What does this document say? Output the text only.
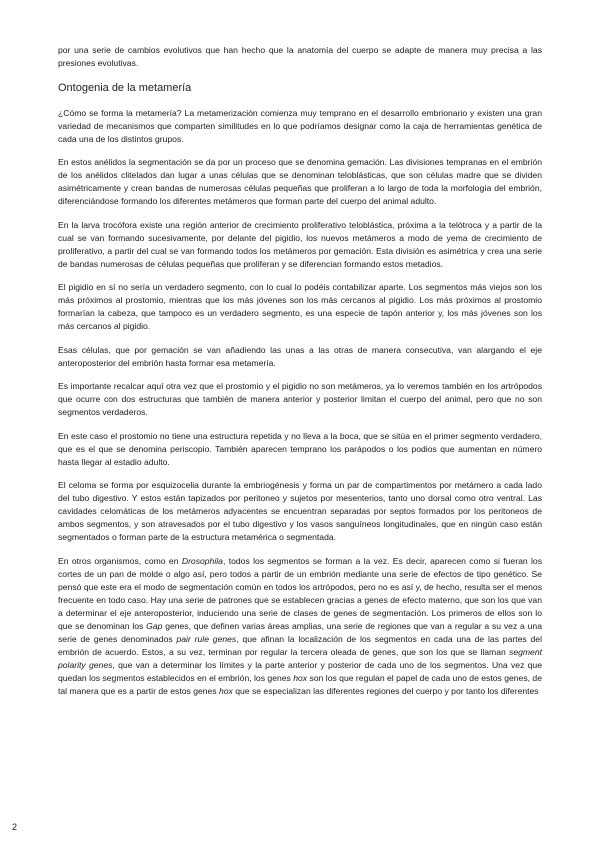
por una serie de cambios evolutivos que han hecho que la anatomía del cuerpo se adapte de manera muy precisa a las presiones evolutivas.

Ontogenia de la metamería

¿Cómo se forma la metamería? La metamerización comienza muy temprano en el desarrollo embrionario y existen una gran variedad de mecanismos que comparten similitudes en lo que podríamos designar como la caja de herramientas genética de cada una de los distintos grupos.

En estos anélidos la segmentación se da por un proceso que se denomina gemación. Las divisiones tempranas en el embrión de los anélidos clitelados dan lugar a unas células que se denominan teloblásticas, que son células madre que se dividen asimétricamente y crean bandas de numerosas células pequeñas que proliferan a lo largo de toda la morfología del embrión, diferenciándose formando los diferentes metámeros que forman parte del cuerpo del animal adulto.

En la larva trocófora existe una región anterior de crecimiento proliferativo teloblástica, próxima a la telótroca y a partir de la cual se van formando sucesivamente, por delante del pigidio, los nuevos metámeros a modo de yema de crecimiento de proliferativo, a partir del cual se van formando todos los metámeros por gemación. Esta división es asimétrica y crea una serie de bandas numerosas de células pequeñas que proliferan y se diferencian formando estos metadios.

El pigidio en sí no sería un verdadero segmento, con lo cual lo podéis contabilizar aparte. Los segmentos más viejos son los más próximos al prostomio, mientras que los más jóvenes son los más cercanos al pigidio. Los más próximos al prostomio formarían la cabeza, que tampoco es un verdadero segmento, es una especie de tapón anterior y, los más jóvenes son los más cercanos al pigidio.

Esas células, que por gemación se van añadiendo las unas a las otras de manera consecutiva, van alargando el eje anteroposterior del embrión hasta formar esa metamería.

Es importante recalcar aquí otra vez que el prostomio y el pigidio no son metámeros, ya lo veremos también en los artrópodos que ocurre con dos estructuras que también de manera anterior y posterior limitan el cuerpo del animal, pero que no son segmentos verdaderos.

En este caso el prostomio no tiene una estructura repetida y no lleva a la boca, que se sitúa en el primer segmento verdadero, que es el que se denomina periscopio. También aparecen temprano los parápodos o los podios que aumentan en número hasta llegar al estadio adulto.

El celoma se forma por esquizocelia durante la embriogénesis y forma un par de compartimentos por metámero a cada lado del tubo digestivo. Y estos están tapizados por peritoneo y sujetos por mesenterios, tanto uno dorsal como otro ventral. Las cavidades celomáticas de los metámeros adyacentes se encuentran separadas por septos formados por los peritoneos de ambos segmentos, y son atravesados por el tubo digestivo y los vasos sanguíneos longitudinales, que en ningún caso están segmentados o forman parte de la estructura metamérica o segmentada.

En otros organismos, como en Drosophila, todos los segmentos se forman a la vez. Es decir, aparecen como si fueran los cortes de un pan de molde o algo así, pero todos a partir de un embrión mediante una serie de efectos de tipo genético. Se pensó que este era el modo de segmentación común en todos los artrópodos, pero no es así y, de hecho, resulta ser el menos frecuente en todo caso. Hay una serie de patrones que se establecen gracias a genes de efecto materno, que son los que van a determinar el eje anteroposterior, induciendo una serie de clases de genes de segmentación. Los primeros de ellos son lo que se denominan los Gap genes, que definen varias áreas amplias, una serie de regiones que van a regular a su vez a una serie de genes denominados pair rule genes, que afinan la localización de los segmentos en cada una de las partes del embrión de acuerdo. Estos, a su vez, terminan por regular la tercera oleada de genes, que son los que se llaman segment polarity genes, que van a determinar los límites y la parte anterior y posterior de cada uno de los segmentos. Una vez que quedan los segmentos establecidos en el embrión, los genes hox son los que regulan el papel de cada uno de estos genes, de tal manera que es a partir de estos genes hox que se especializan las diferentes regiones del cuerpo y por tanto los diferentes

2
